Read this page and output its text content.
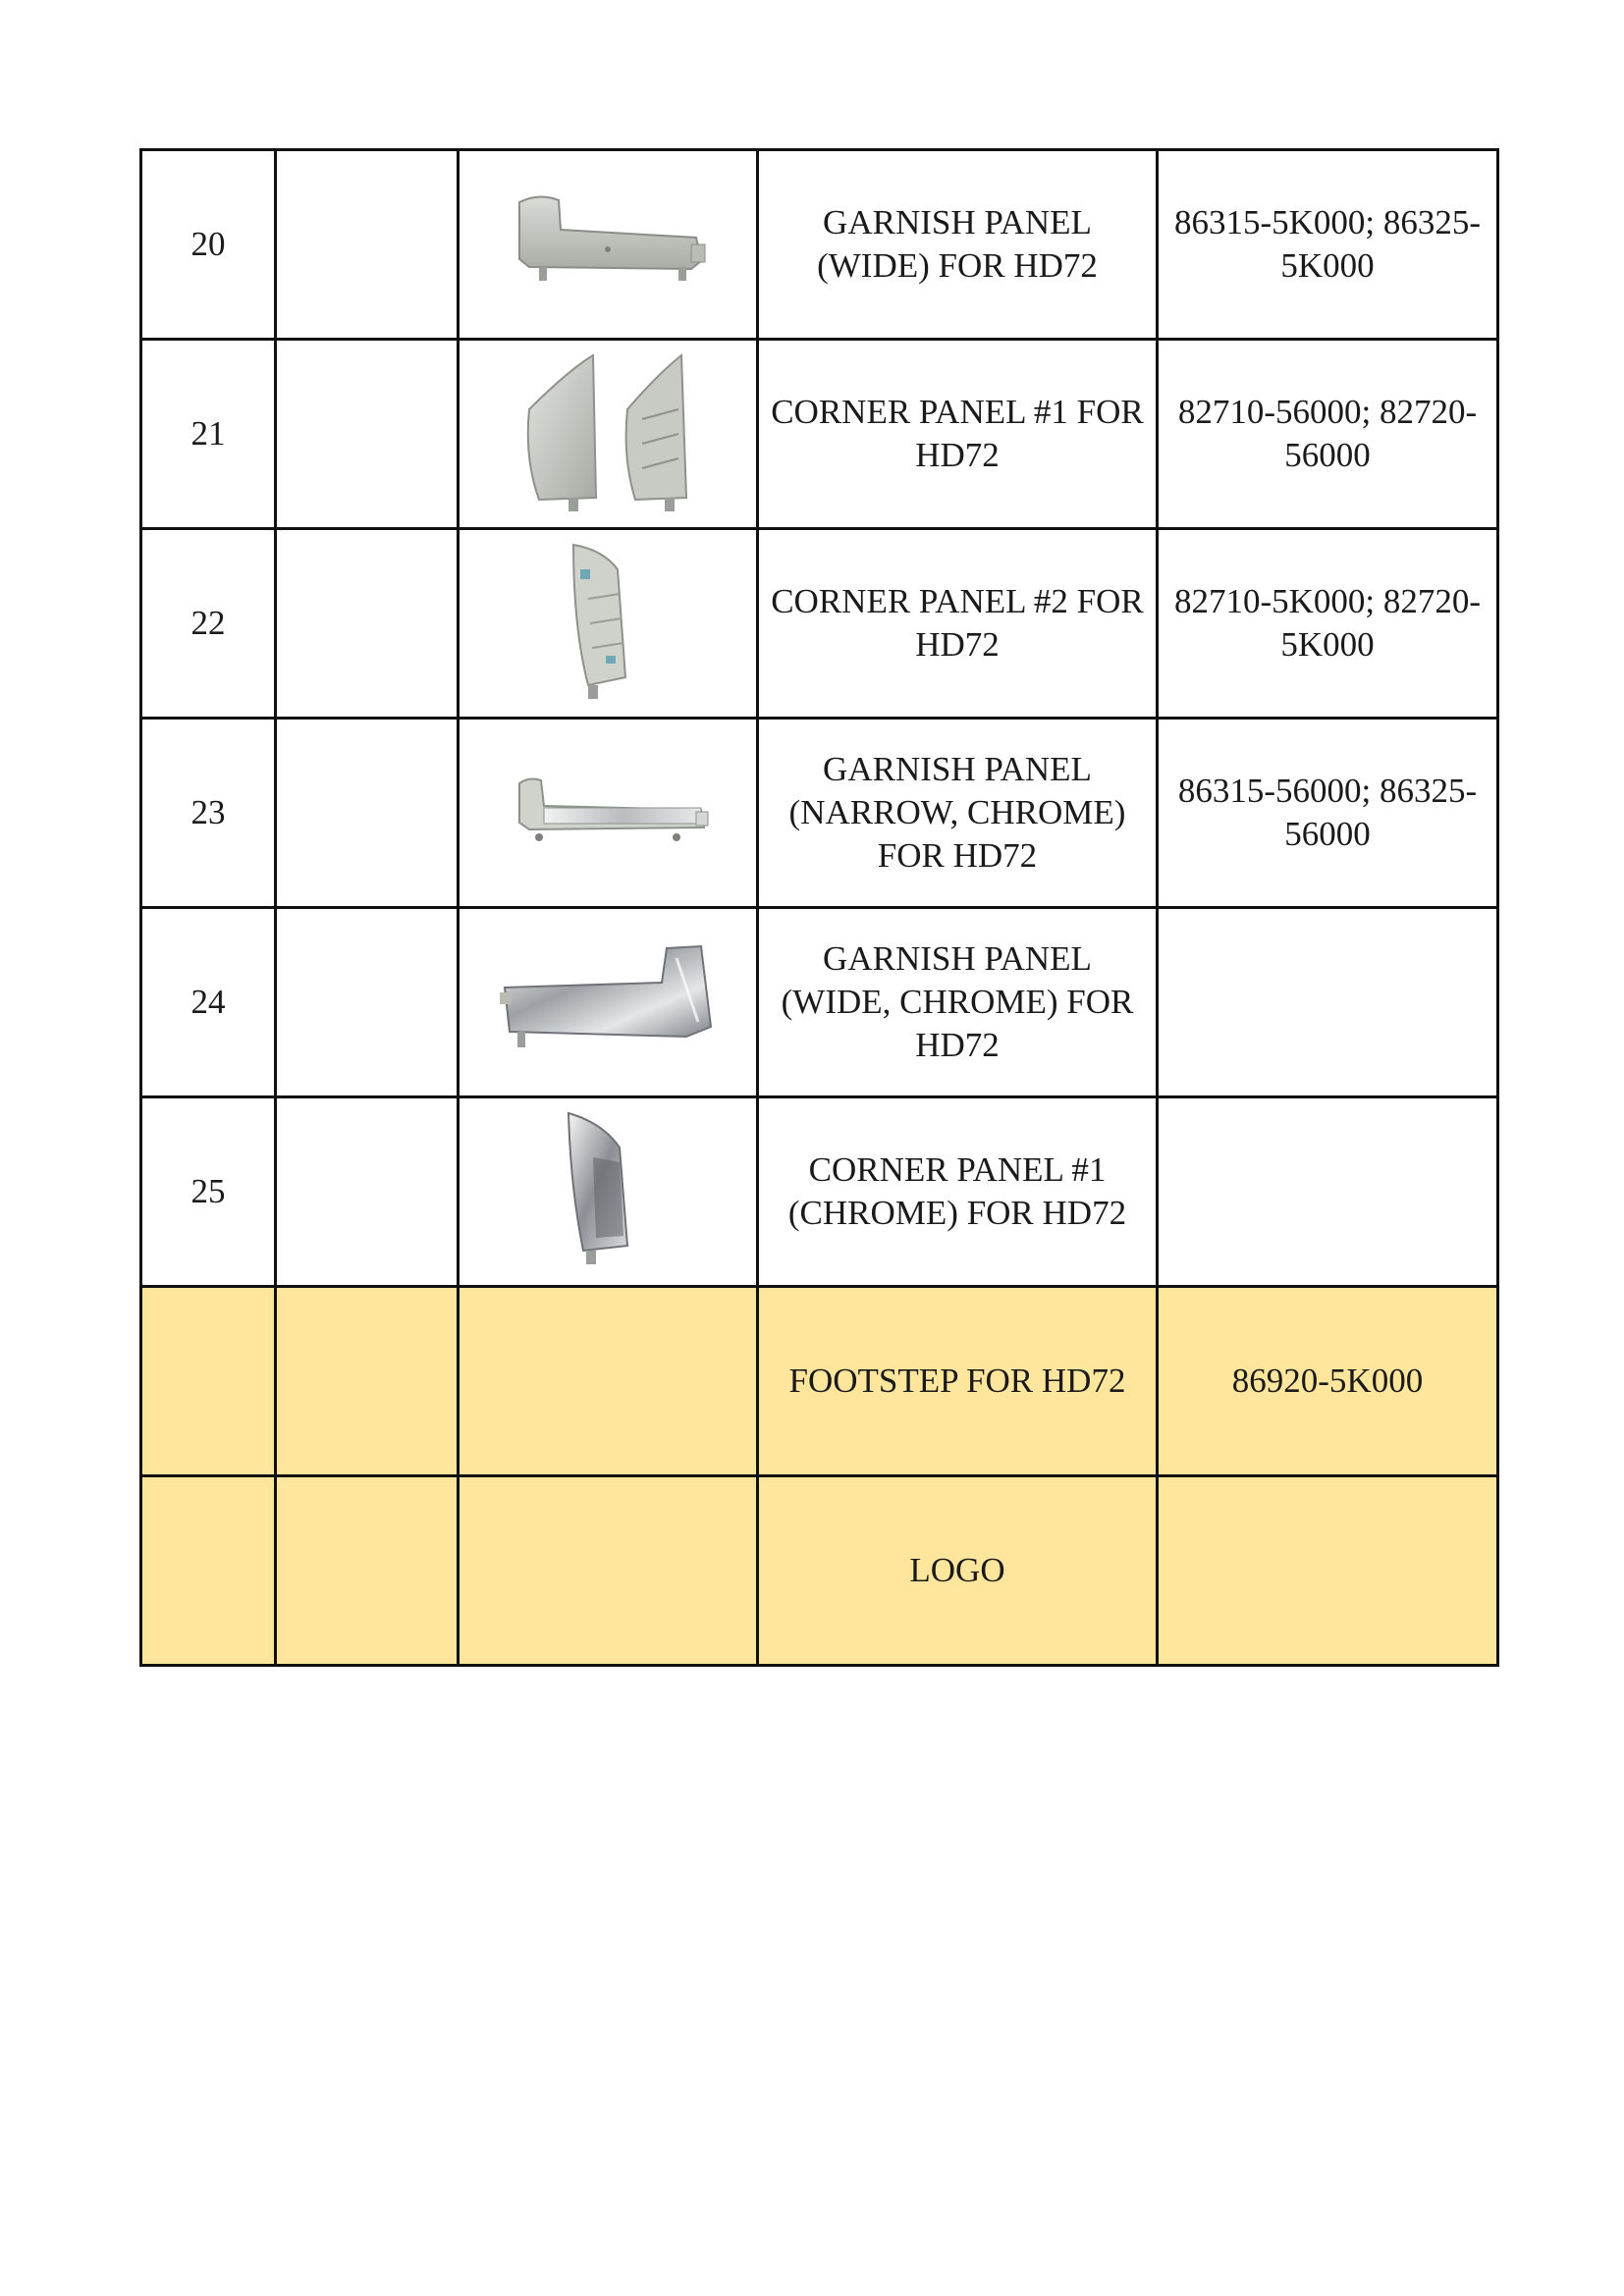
20			GARNISH PANEL (WIDE) FOR HD72	86315-5K000; 86325-5K000

21			CORNER PANEL #1 FOR HD72	82710-56000; 82720-56000

22			CORNER PANEL #2 FOR HD72	82710-5K000; 82720-5K000

23			GARNISH PANEL (NARROW, CHROME) FOR HD72	86315-56000; 86325-56000

24			GARNISH PANEL (WIDE, CHROME) FOR HD72	

25			CORNER PANEL #1 (CHROME) FOR HD72	

			FOOTSTEP FOR HD72	86920-5K000

			LOGO	
